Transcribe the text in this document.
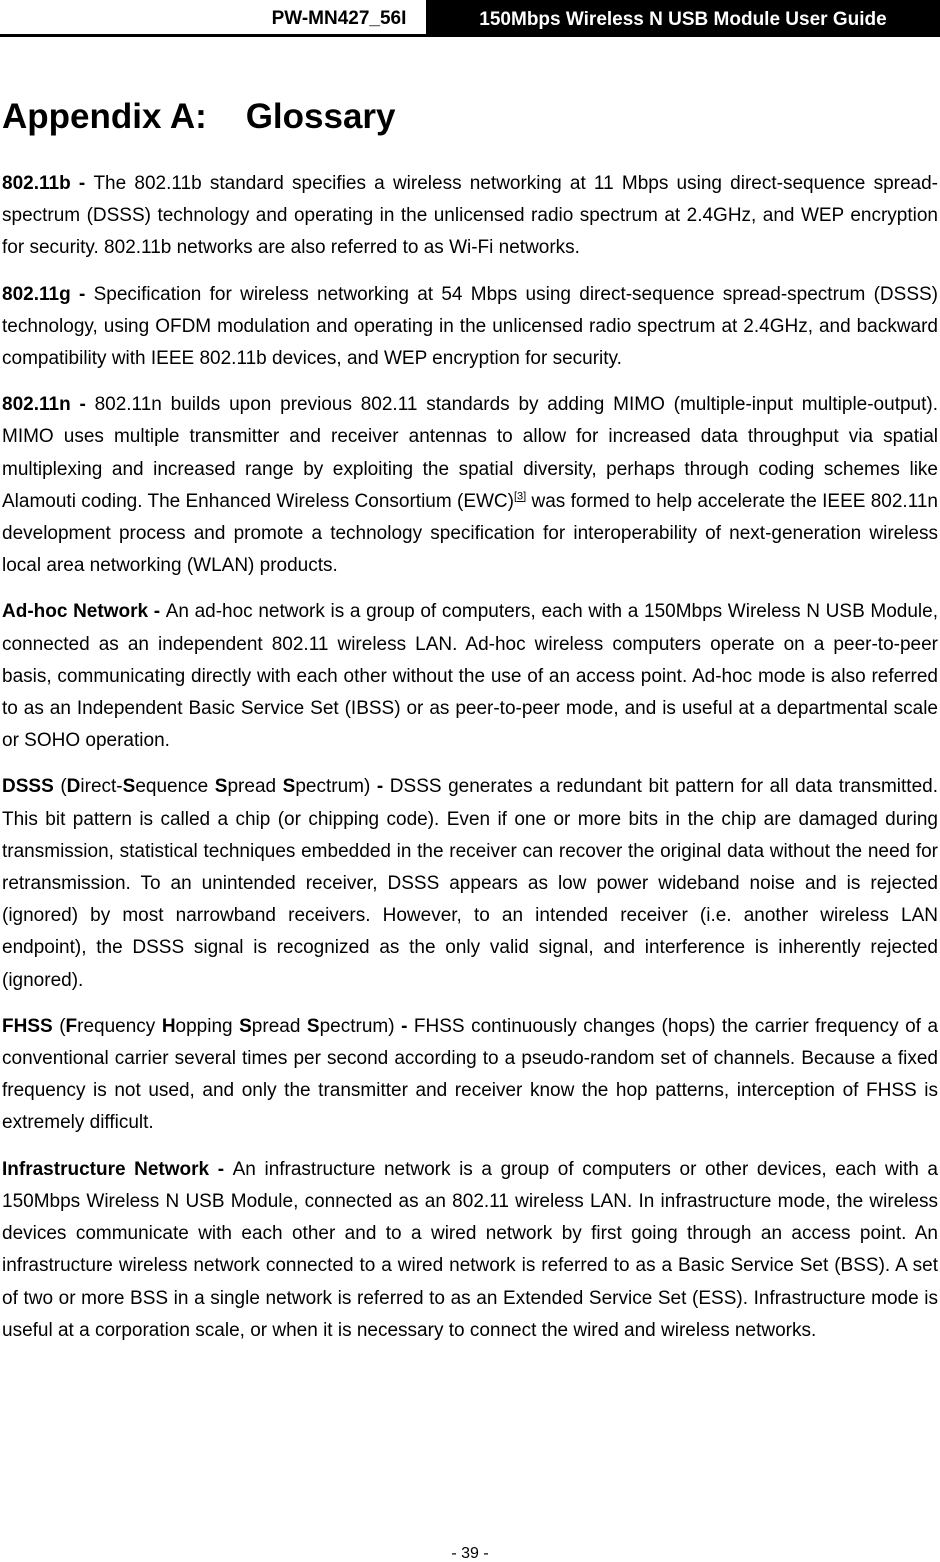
PW-MN427_56I	150Mbps Wireless N USB Module User Guide
Appendix A:    Glossary

802.11b - The 802.11b standard specifies a wireless networking at 11 Mbps using direct-sequence spread-spectrum (DSSS) technology and operating in the unlicensed radio spectrum at 2.4GHz, and WEP encryption for security. 802.11b networks are also referred to as Wi-Fi networks.

802.11g - Specification for wireless networking at 54 Mbps using direct-sequence spread-spectrum (DSSS) technology, using OFDM modulation and operating in the unlicensed radio spectrum at 2.4GHz, and backward compatibility with IEEE 802.11b devices, and WEP encryption for security.

802.11n - 802.11n builds upon previous 802.11 standards by adding MIMO (multiple-input multiple-output). MIMO uses multiple transmitter and receiver antennas to allow for increased data throughput via spatial multiplexing and increased range by exploiting the spatial diversity, perhaps through coding schemes like Alamouti coding. The Enhanced Wireless Consortium (EWC)[3] was formed to help accelerate the IEEE 802.11n development process and promote a technology specification for interoperability of next-generation wireless local area networking (WLAN) products.

Ad-hoc Network - An ad-hoc network is a group of computers, each with a 150Mbps Wireless N USB Module, connected as an independent 802.11 wireless LAN. Ad-hoc wireless computers operate on a peer-to-peer basis, communicating directly with each other without the use of an access point. Ad-hoc mode is also referred to as an Independent Basic Service Set (IBSS) or as peer-to-peer mode, and is useful at a departmental scale or SOHO operation.

DSSS (Direct-Sequence Spread Spectrum) - DSSS generates a redundant bit pattern for all data transmitted. This bit pattern is called a chip (or chipping code). Even if one or more bits in the chip are damaged during transmission, statistical techniques embedded in the receiver can recover the original data without the need for retransmission. To an unintended receiver, DSSS appears as low power wideband noise and is rejected (ignored) by most narrowband receivers. However, to an intended receiver (i.e. another wireless LAN endpoint), the DSSS signal is recognized as the only valid signal, and interference is inherently rejected (ignored).

FHSS (Frequency Hopping Spread Spectrum) - FHSS continuously changes (hops) the carrier frequency of a conventional carrier several times per second according to a pseudo-random set of channels. Because a fixed frequency is not used, and only the transmitter and receiver know the hop patterns, interception of FHSS is extremely difficult.

Infrastructure Network - An infrastructure network is a group of computers or other devices, each with a 150Mbps Wireless N USB Module, connected as an 802.11 wireless LAN. In infrastructure mode, the wireless devices communicate with each other and to a wired network by first going through an access point. An infrastructure wireless network connected to a wired network is referred to as a Basic Service Set (BSS). A set of two or more BSS in a single network is referred to as an Extended Service Set (ESS). Infrastructure mode is useful at a corporation scale, or when it is necessary to connect the wired and wireless networks.

- 39 -
